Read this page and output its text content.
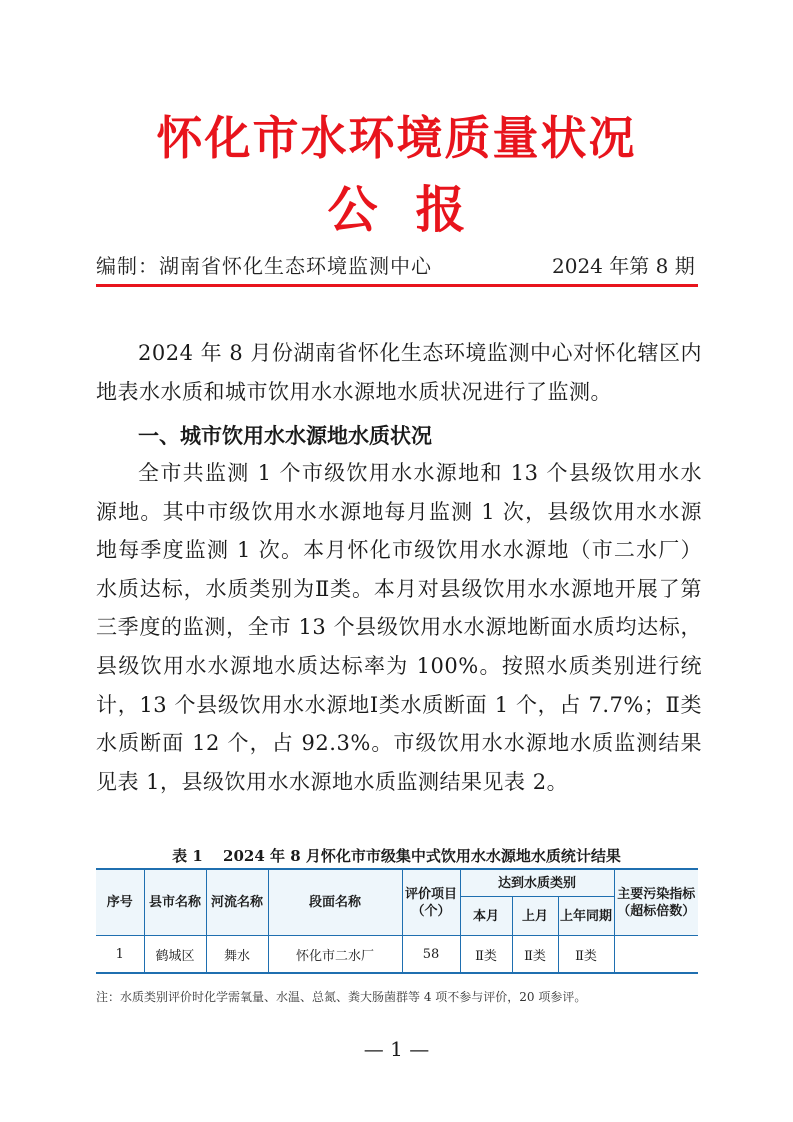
怀化市水环境质量状况
公报
编制：湖南省怀化生态环境监测中心	2024 年第 8 期
2024 年 8 月份湖南省怀化生态环境监测中心对怀化辖区内地表水水质和城市饮用水水源地水质状况进行了监测。
一、城市饮用水水源地水质状况
全市共监测 1 个市级饮用水水源地和 13 个县级饮用水水源地。其中市级饮用水水源地每月监测 1 次，县级饮用水水源地每季度监测 1 次。本月怀化市级饮用水水源地（市二水厂）水质达标，水质类别为Ⅱ类。本月对县级饮用水水源地开展了第三季度的监测，全市 13 个县级饮用水水源地断面水质均达标，县级饮用水水源地水质达标率为 100%。按照水质类别进行统计，13 个县级饮用水水源地Ⅰ类水质断面 1 个，占 7.7%；Ⅱ类水质断面 12 个，占 92.3%。市级饮用水水源地水质监测结果见表 1，县级饮用水水源地水质监测结果见表 2。
表 1　 2024 年 8 月怀化市市级集中式饮用水水源地水质统计结果
序号	县市名称	河流名称	段面名称	评价项目（个）	达到水质类别			主要污染指标（超标倍数）
					本月	上月	上年同期	
1	鹤城区	舞水	怀化市二水厂	58	Ⅱ类	Ⅱ类	Ⅱ类	
注：水质类别评价时化学需氧量、水温、总氮、粪大肠菌群等 4 项不参与评价，20 项参评。
— 1 —
